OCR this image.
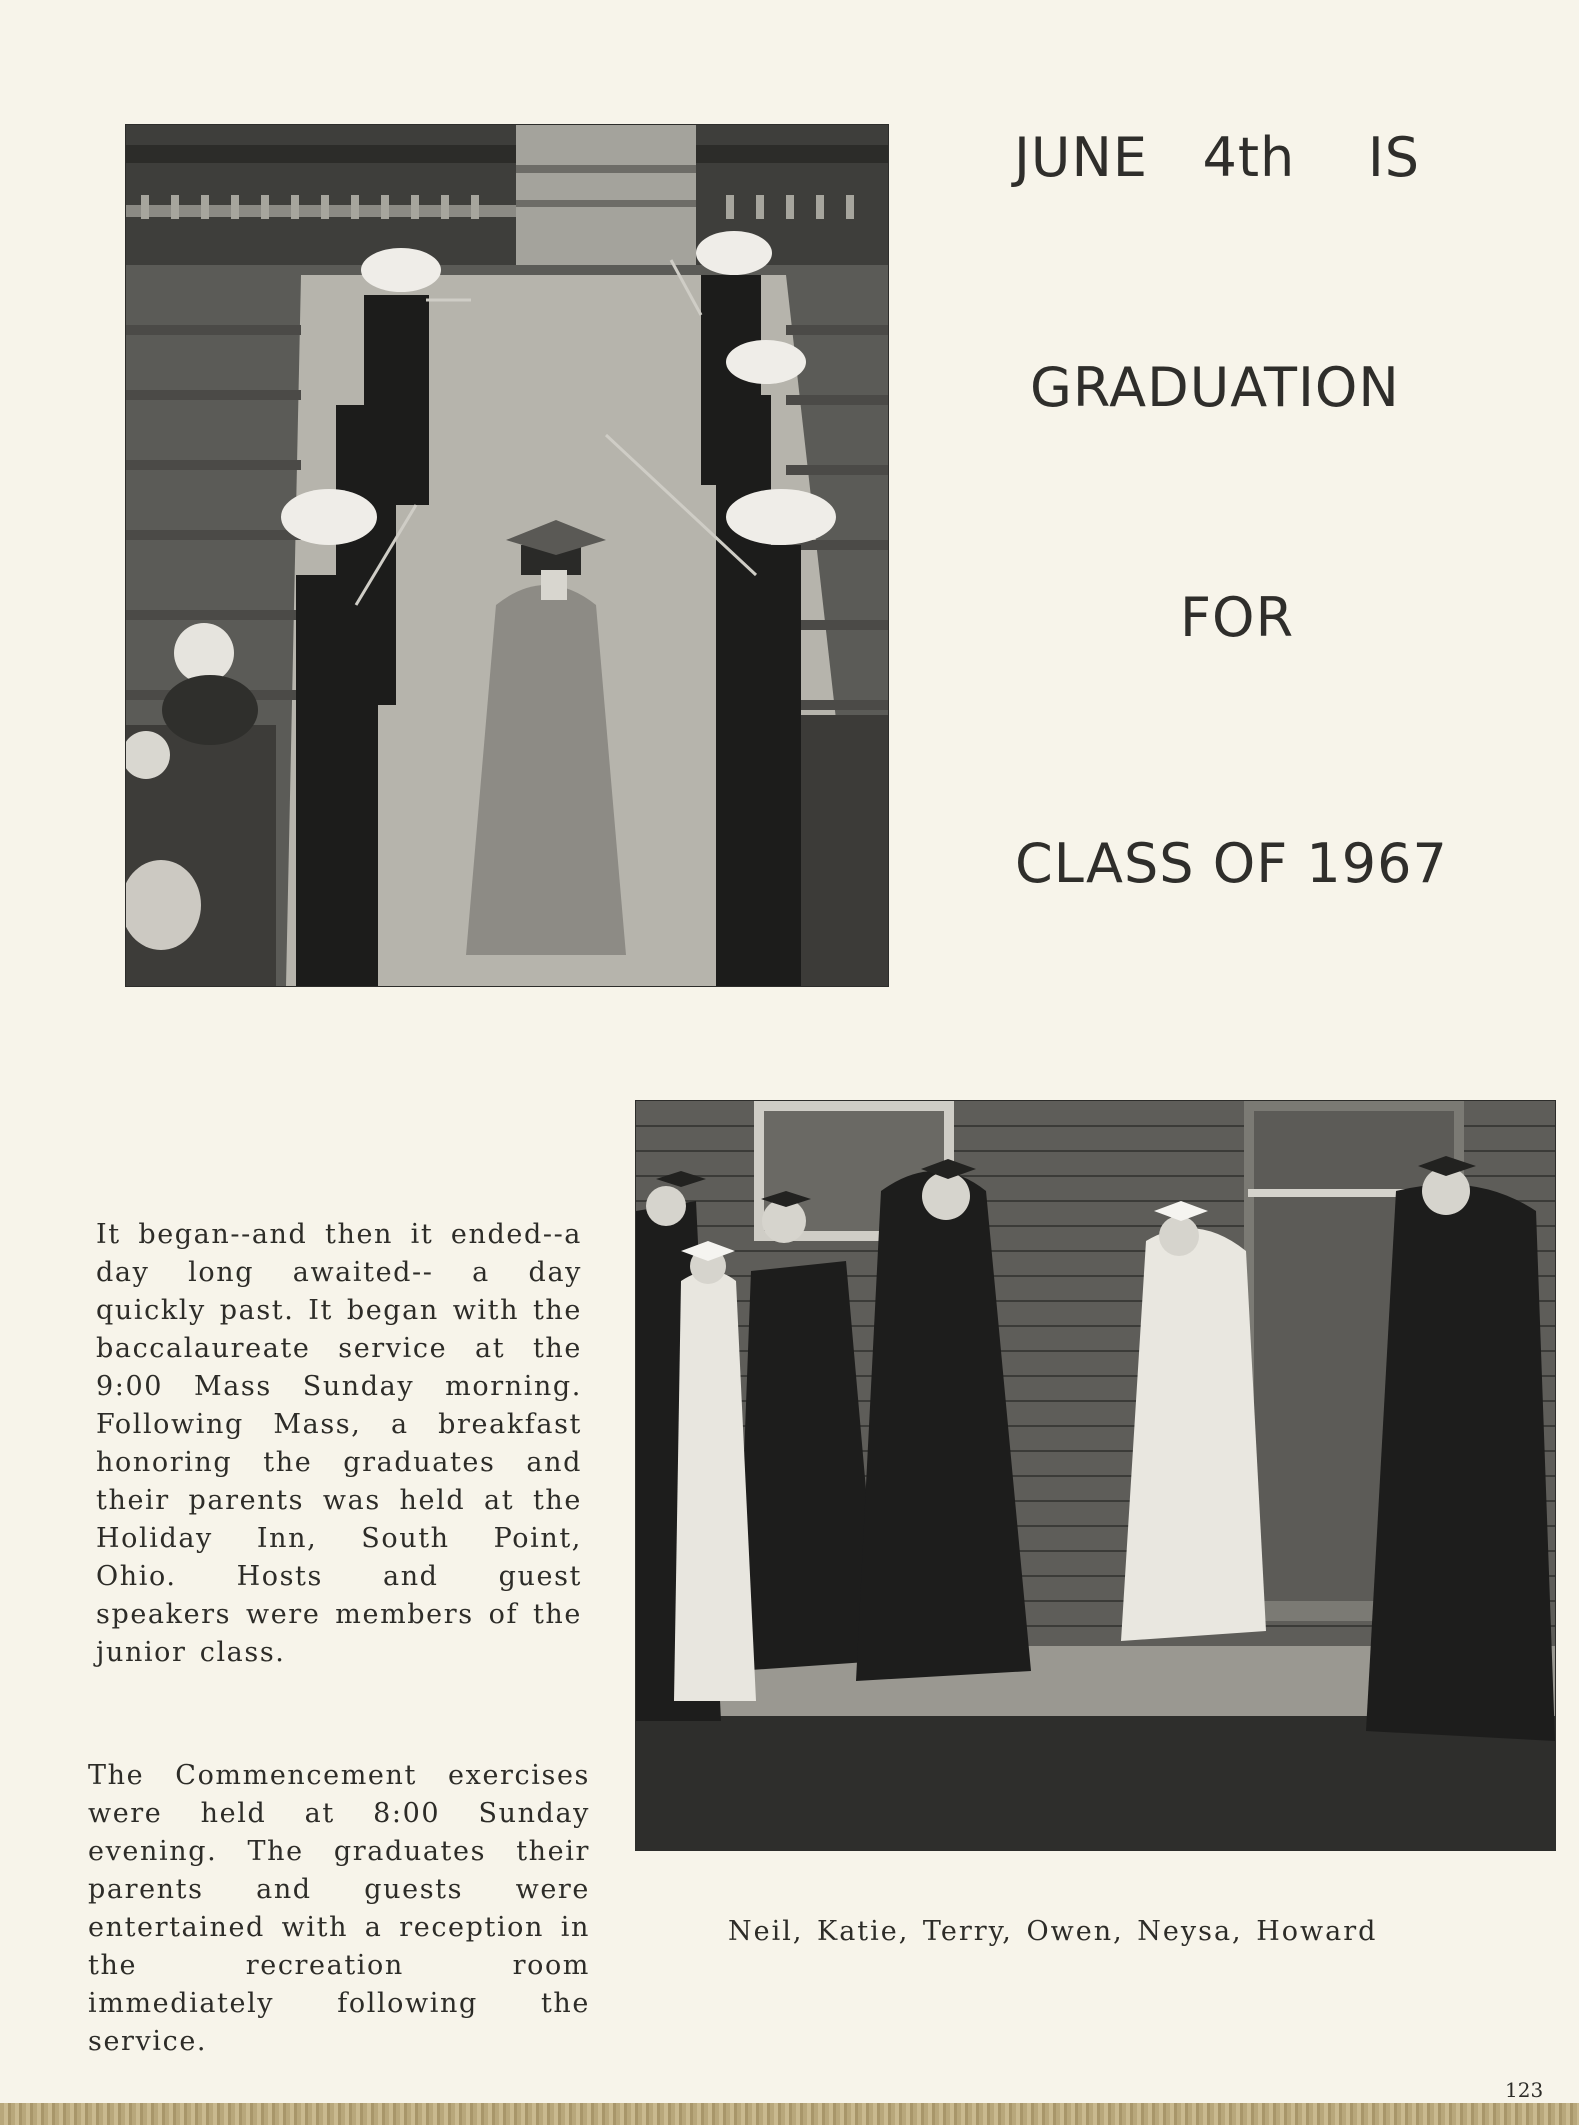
JUNE   4th    IS
GRADUATION
FOR
CLASS OF 1967
It began--and then it ended--a day long awaited-- a day quickly past. It began with the baccalaureate service at the 9:00 Mass Sunday morning. Following Mass, a breakfast honoring the graduates and their parents was held at the Holiday Inn, South Point, Ohio. Hosts and guest speakers were members of the junior class.
The Commencement exercises were held at 8:00 Sunday evening. The graduates their parents and guests were entertained with a reception in the recreation room immediately following the service.
Neil, Katie, Terry, Owen, Neysa, Howard
123
